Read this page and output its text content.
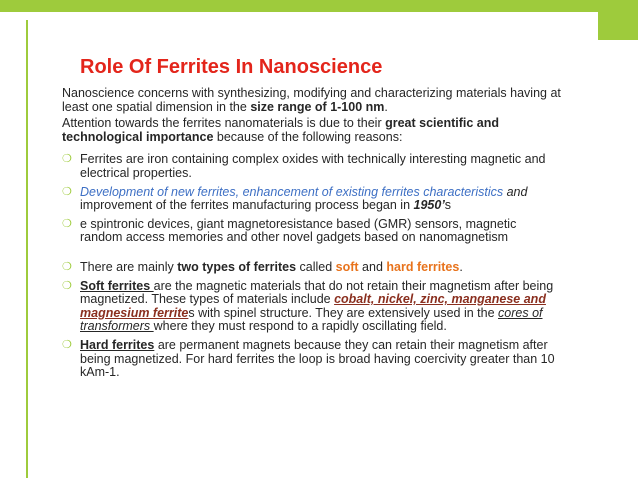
Role Of Ferrites In Nanoscience
Nanoscience concerns with synthesizing, modifying and characterizing materials having at least one spatial dimension in the size range of 1-100 nm.
Attention towards the ferrites nanomaterials is due to their great scientific and technological importance because of the following reasons:
❍ Ferrites are iron containing complex oxides with technically interesting magnetic and electrical properties.
❍ Development of new ferrites, enhancement of existing ferrites characteristics and improvement of the ferrites manufacturing process began in 1950’s
❍ e spintronic devices, giant magnetoresistance based (GMR) sensors, magnetic random access memories and other novel gadgets based on nanomagnetism
❍ There are mainly two types of ferrites called soft and hard ferrites.
❍ Soft ferrites are the magnetic materials that do not retain their magnetism after being magnetized. These types of materials include cobalt, nickel, zinc, manganese and magnesium ferrites with spinel structure. They are extensively used in the cores of transformers where they must respond to a rapidly oscillating field.
❍ Hard ferrites are permanent magnets because they can retain their magnetism after being magnetized. For hard ferrites the loop is broad having coercivity greater than 10 kAm-1.
